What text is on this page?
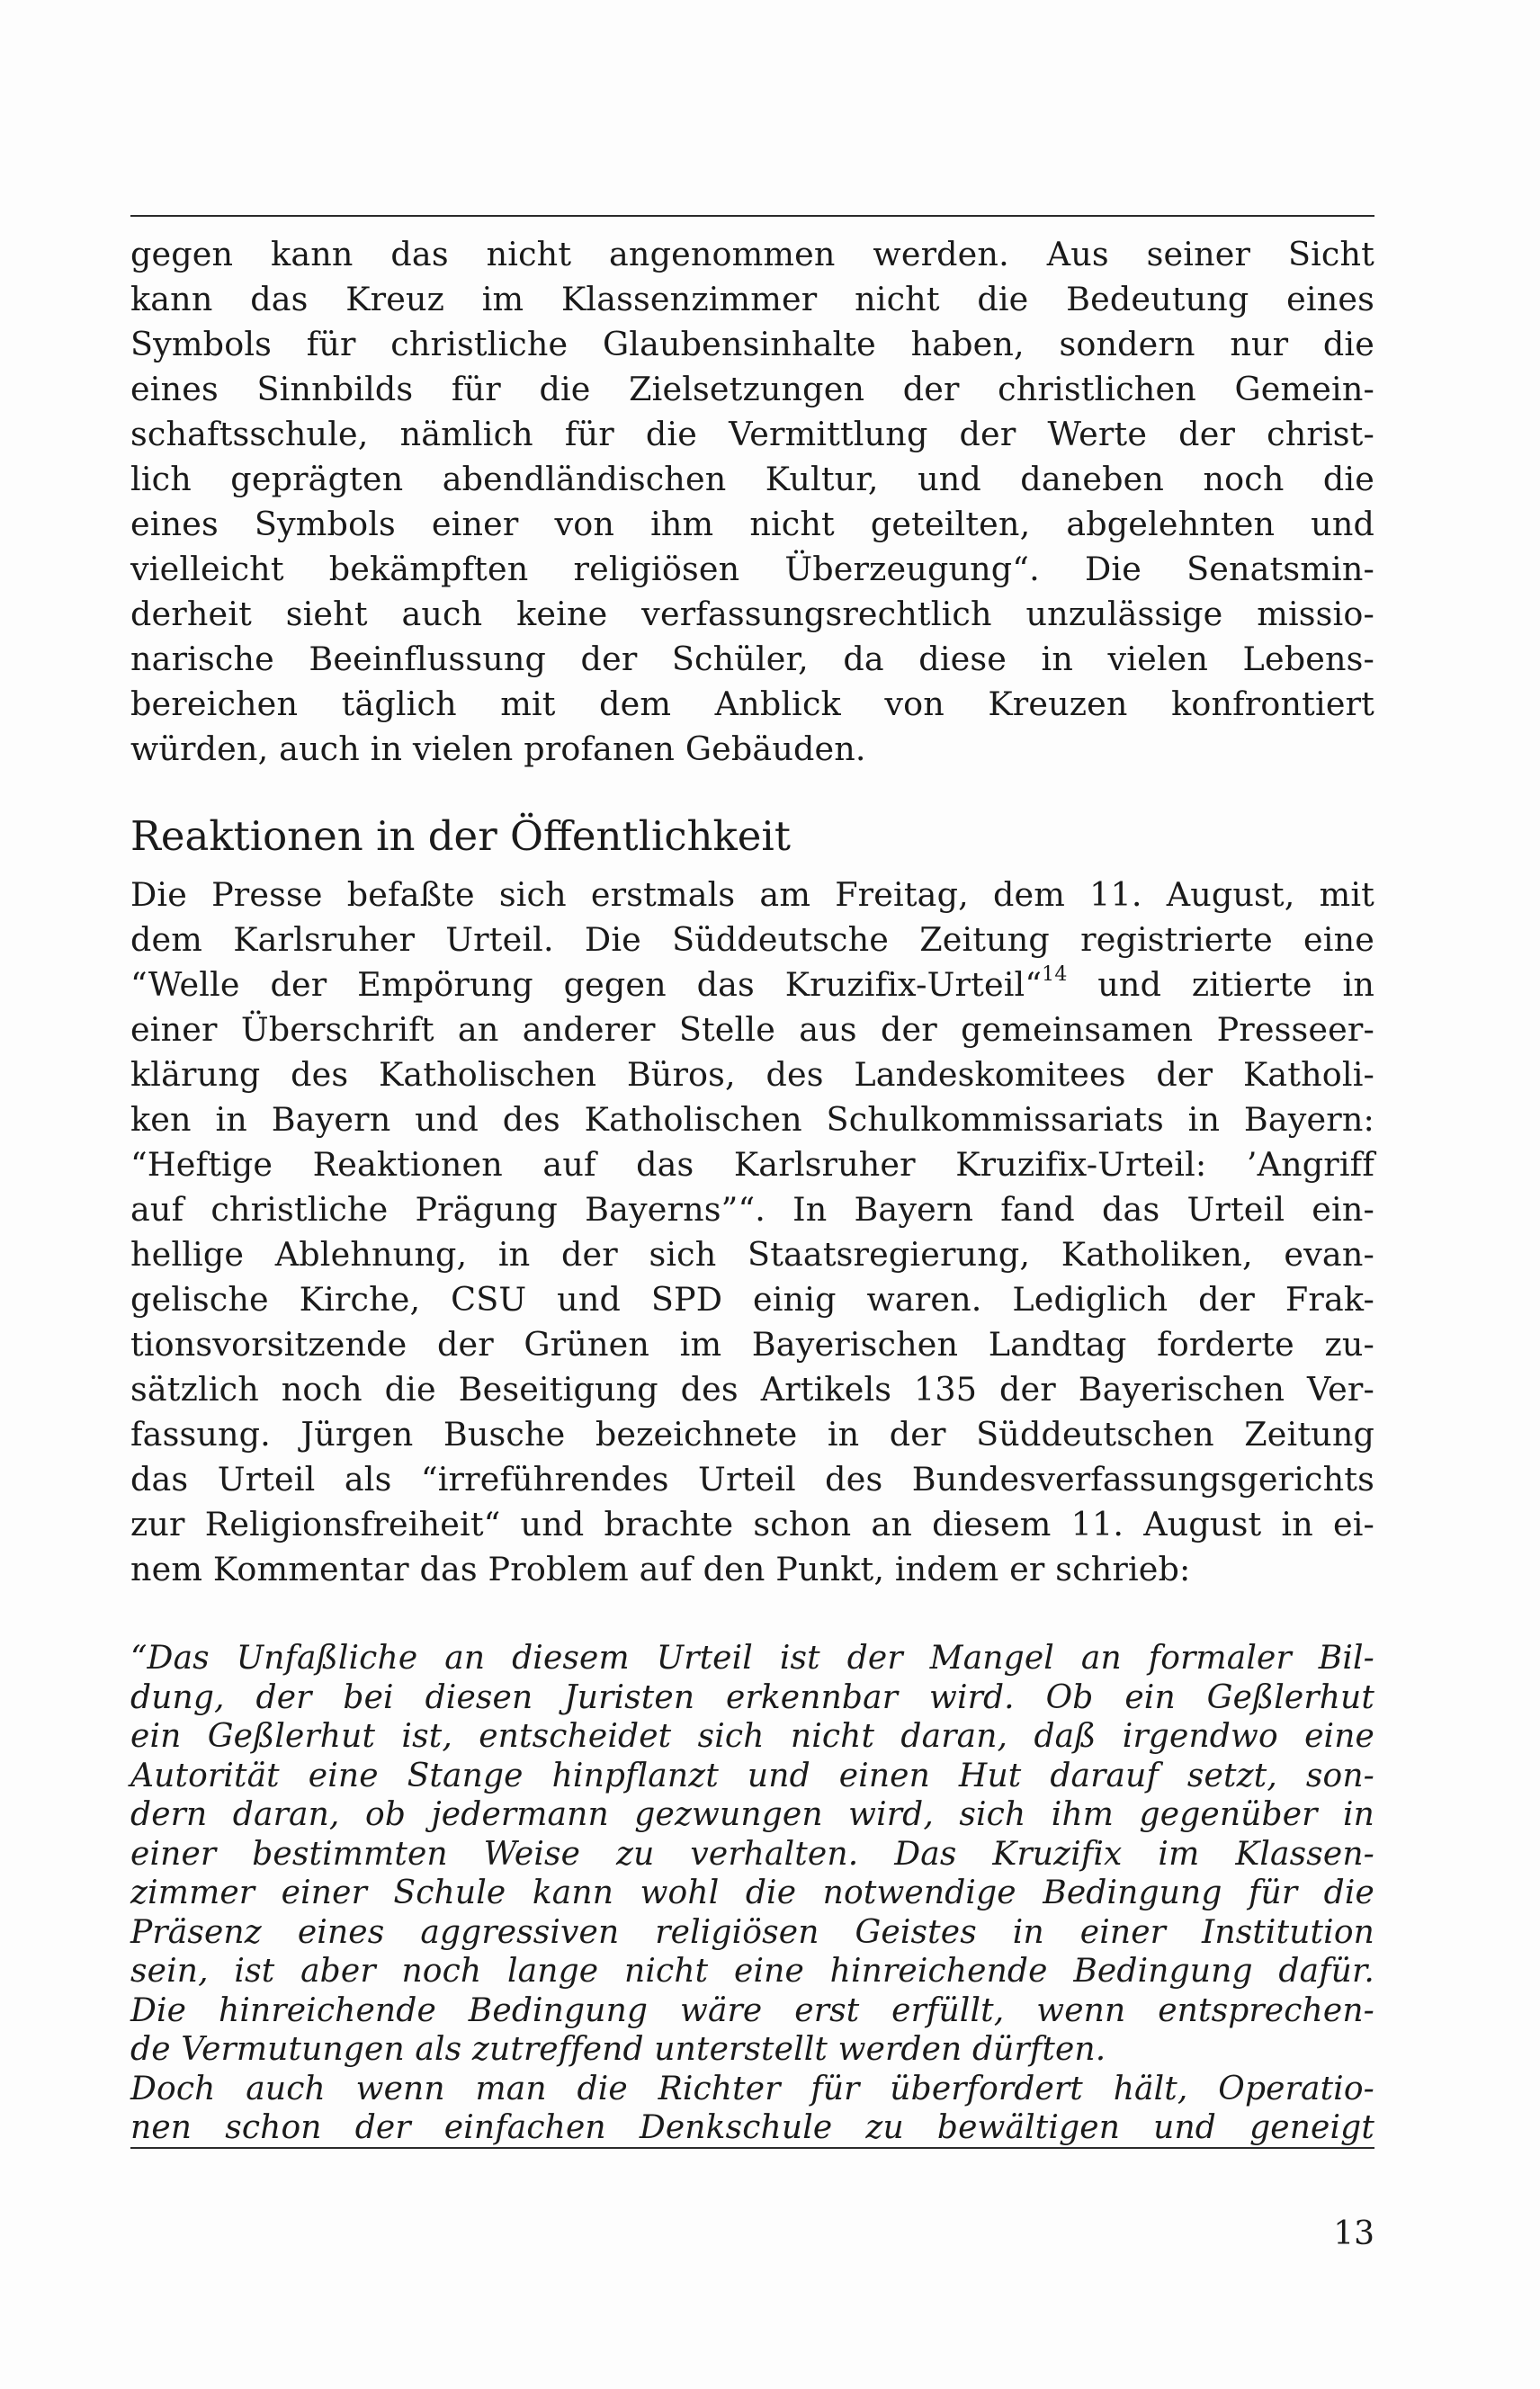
gegen kann das nicht angenommen werden. Aus seiner Sicht
kann das Kreuz im Klassenzimmer nicht die Bedeutung eines
Symbols für christliche Glaubensinhalte haben, sondern nur die
eines Sinnbilds für die Zielsetzungen der christlichen Gemein-
schaftsschule, nämlich für die Vermittlung der Werte der christ-
lich geprägten abendländischen Kultur, und daneben noch die
eines Symbols einer von ihm nicht geteilten, abgelehnten und
vielleicht bekämpften religiösen Überzeugung“. Die Senatsmin-
derheit sieht auch keine verfassungsrechtlich unzulässige missio-
narische Beeinflussung der Schüler, da diese in vielen Lebens-
bereichen täglich mit dem Anblick von Kreuzen konfrontiert
würden, auch in vielen profanen Gebäuden.
Reaktionen in der Öffentlichkeit
Die Presse befaßte sich erstmals am Freitag, dem 11. August, mit
dem Karlsruher Urteil. Die Süddeutsche Zeitung registrierte eine
“Welle der Empörung gegen das Kruzifix-Urteil“$^{14}$ und zitierte in
einer Überschrift an anderer Stelle aus der gemeinsamen Presseer-
klärung des Katholischen Büros, des Landeskomitees der Katholi-
ken in Bayern und des Katholischen Schulkommissariats in Bayern:
“Heftige Reaktionen auf das Karlsruher Kruzifix-Urteil: ’Angriff
auf christliche Prägung Bayerns”“. In Bayern fand das Urteil ein-
hellige Ablehnung, in der sich Staatsregierung, Katholiken, evan-
gelische Kirche, CSU und SPD einig waren. Lediglich der Frak-
tionsvorsitzende der Grünen im Bayerischen Landtag forderte zu-
sätzlich noch die Beseitigung des Artikels 135 der Bayerischen Ver-
fassung. Jürgen Busche bezeichnete in der Süddeutschen Zeitung
das Urteil als “irreführendes Urteil des Bundesverfassungsgerichts
zur Religionsfreiheit“ und brachte schon an diesem 11. August in ei-
nem Kommentar das Problem auf den Punkt, indem er schrieb:
“Das Unfaßliche an diesem Urteil ist der Mangel an formaler Bil-
dung, der bei diesen Juristen erkennbar wird. Ob ein Geßlerhut
ein Geßlerhut ist, entscheidet sich nicht daran, daß irgendwo eine
Autorität eine Stange hinpflanzt und einen Hut darauf setzt, son-
dern daran, ob jedermann gezwungen wird, sich ihm gegenüber in
einer bestimmten Weise zu verhalten. Das Kruzifix im Klassen-
zimmer einer Schule kann wohl die notwendige Bedingung für die
Präsenz eines aggressiven religiösen Geistes in einer Institution
sein, ist aber noch lange nicht eine hinreichende Bedingung dafür.
Die hinreichende Bedingung wäre erst erfüllt, wenn entsprechen-
de Vermutungen als zutreffend unterstellt werden dürften.
Doch auch wenn man die Richter für überfordert hält, Operatio-
nen schon der einfachen Denkschule zu bewältigen und geneigt
13
